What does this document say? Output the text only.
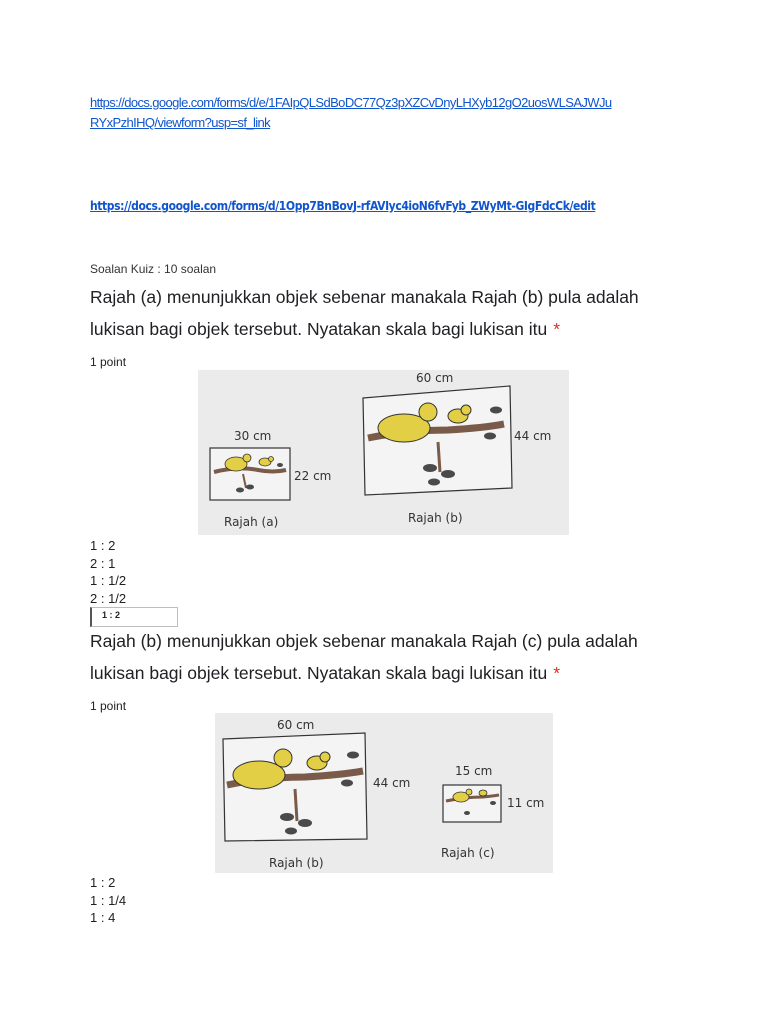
https://docs.google.com/forms/d/e/1FAIpQLSdBoDC77Qz3pXZCvDnyLHXyb12gO2uosWLSAJWJu
RYxPzhIHQ/viewform?usp=sf_link
https://docs.google.com/forms/d/1Opp7BnBovJ-rfAVIyc4ioN6fvFyb_ZWyMt-GIgFdcCk/edit
Soalan Kuiz : 10 soalan
Rajah (a) menunjukkan objek sebenar manakala Rajah (b) pula adalah lukisan bagi objek tersebut. Nyatakan skala bagi lukisan itu *
1 point
30 cm
22 cm
Rajah (a)
60 cm
44 cm
Rajah (b)
1 : 2
2 : 1
1 : 1/2
2 : 1/2
1 : 2
Rajah (b) menunjukkan objek sebenar manakala Rajah (c) pula adalah lukisan bagi objek tersebut. Nyatakan skala bagi lukisan itu *
1 point
60 cm
44 cm
Rajah (b)
15 cm
11 cm
Rajah (c)
1 : 2
1 : 1/4
1 : 4
